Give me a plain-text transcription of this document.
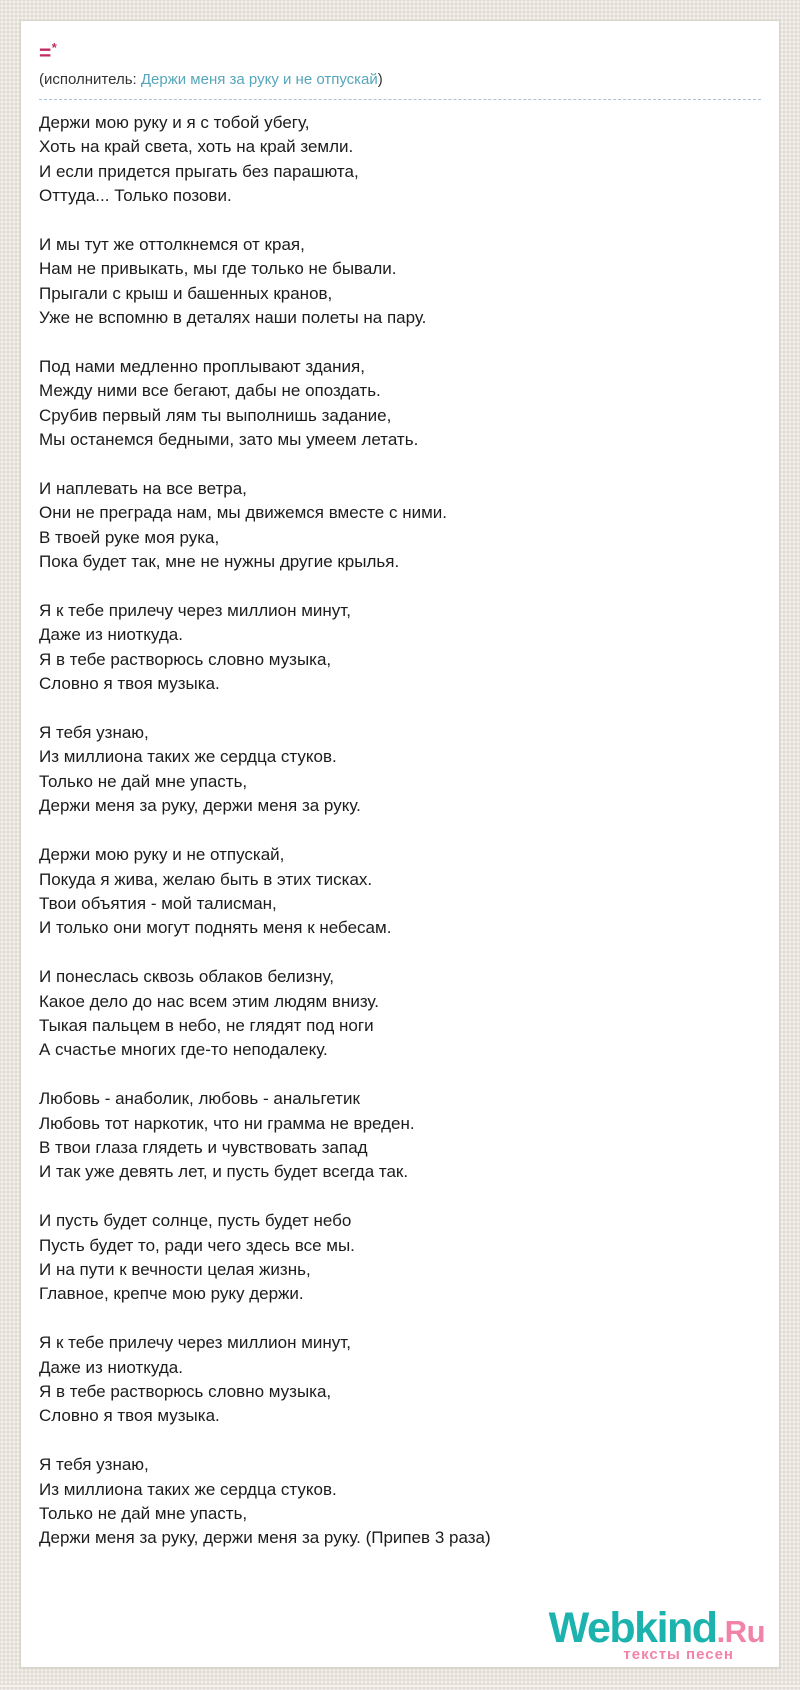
=*
(исполнитель: Держи меня за руку и не отпускай)
Держи мою руку и я с тобой убегу,
Хоть на край света, хоть на край земли.
И если придется прыгать без парашюта,
Оттуда... Только позови.
И мы тут же оттолкнемся от края,
Нам не привыкать, мы где только не бывали.
Прыгали с крыш и башенных кранов,
Уже не вспомню в деталях наши полеты на пару.
Под нами медленно проплывают здания,
Между ними все бегают, дабы не опоздать.
Срубив первый лям ты выполнишь задание,
Мы останемся бедными, зато мы умеем летать.
И наплевать на все ветра,
Они не преграда нам, мы движемся вместе с ними.
В твоей руке моя рука,
Пока будет так, мне не нужны другие крылья.
Я к тебе прилечу через миллион минут,
Даже из ниоткуда.
Я в тебе растворюсь словно музыка,
Словно я твоя музыка.
Я тебя узнаю,
Из миллиона таких же сердца стуков.
Только не дай мне упасть,
Держи меня за руку, держи меня за руку.
Держи мою руку и не отпускай,
Покуда я жива, желаю быть в этих тисках.
Твои объятия - мой талисман,
И только они могут поднять меня к небесам.
И понеслась сквозь облаков белизну,
Какое дело до нас всем этим людям внизу.
Тыкая пальцем в небо, не глядят под ноги
А счастье многих где-то неподалеку.
Любовь - анаболик, любовь - анальгетик
Любовь тот наркотик, что ни грамма не вреден.
В твои глаза глядеть и чувствовать запад
И так уже девять лет, и пусть будет всегда так.
И пусть будет солнце, пусть будет небо
Пусть будет то, ради чего здесь все мы.
И на пути к вечности целая жизнь,
Главное, крепче мою руку держи.
Я к тебе прилечу через миллион минут,
Даже из ниоткуда.
Я в тебе растворюсь словно музыка,
Словно я твоя музыка.
Я тебя узнаю,
Из миллиона таких же сердца стуков.
Только не дай мне упасть,
Держи меня за руку, держи меня за руку. (Припев 3 раза)
Webkind.Ru
тексты песен
